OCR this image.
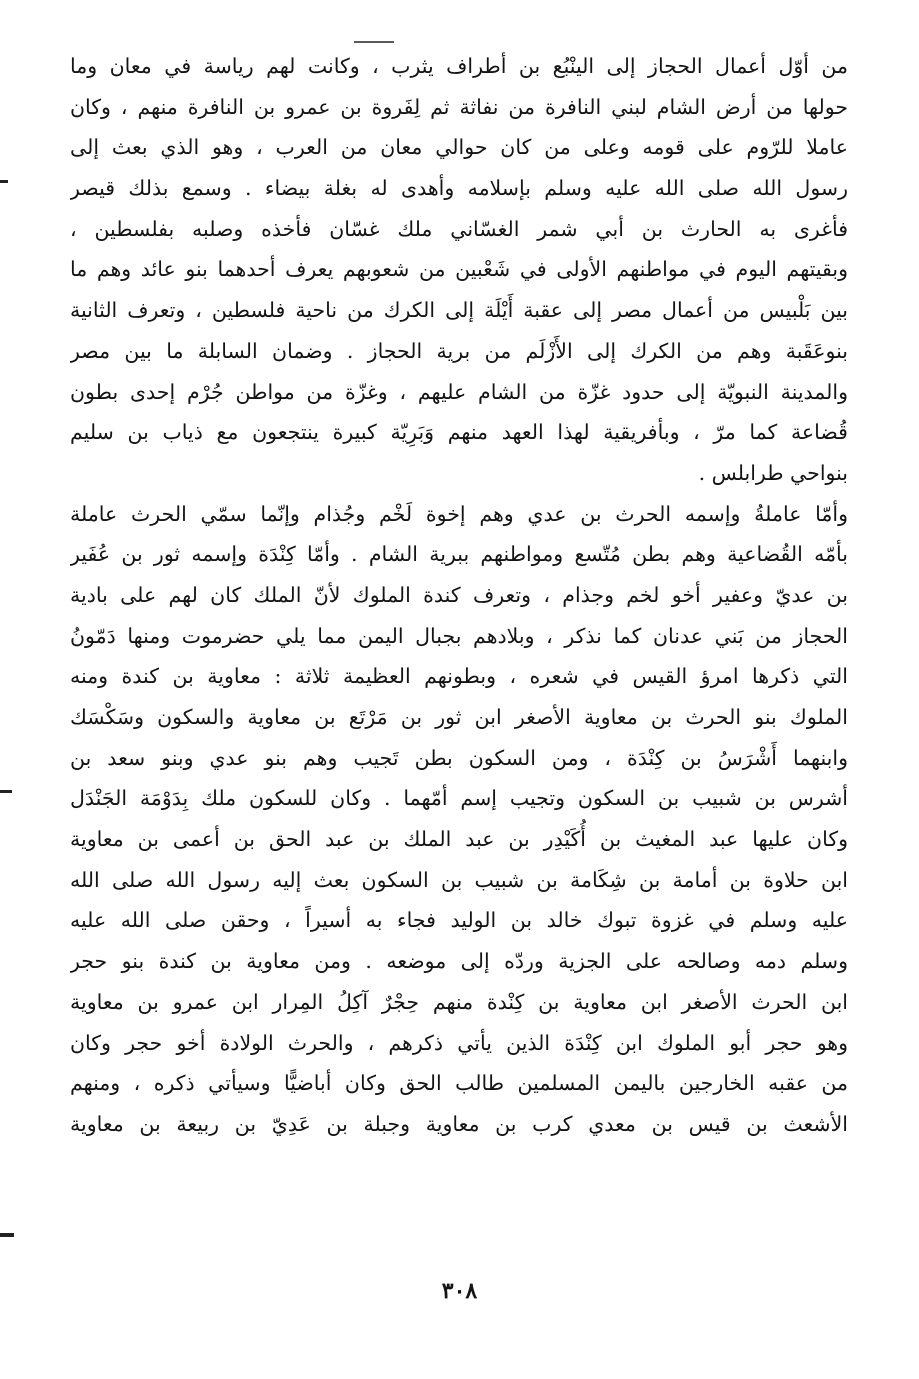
من أوّل أعمال الحجاز إلى الينْبُع بن أطراف يثرب ، وكانت لهم رياسة في معان وما
حولها من أرض الشام لبني النافرة من نفاثة ثم لِفَروة بن عمرو بن النافرة منهم ، وكان
عاملا للرّوم على قومه وعلى من كان حوالي معان من العرب ، وهو الذي بعث إلى
رسول الله صلى الله عليه وسلم بإسلامه وأهدى له بغلة بيضاء . وسمع بذلك قيصر
فأغرى به الحارث بن أبي شمر الغسّاني ملك غسّان فأخذه وصلبه بفلسطين ،
وبقيتهم اليوم في مواطنهم الأولى في شَعْبين من شعوبهم يعرف أحدهما بنو عائد وهم ما
بين بَلْبيس من أعمال مصر إلى عقبة أَيْلَة إلى الكرك من ناحية فلسطين ، وتعرف الثانية
بنوعَقَبة وهم من الكرك إلى الأَزْلَم من برية الحجاز . وضمان السابلة ما بين مصر
والمدينة النبويّة إلى حدود غزّة من الشام عليهم ، وغزّة من مواطن جُرْم إحدى بطون
قُضاعة كما مرّ ، وبأفريقية لهذا العهد منهم وَبَرِيّة كبيرة ينتجعون مع ذياب بن سليم
بنواحي طرابلس .
وأمّا عاملةُ وإسمه الحرث بن عدي وهم إخوة لَخْم وجُذام وإنّما سمّي الحرث عاملة
بأمّه القُضاعية وهم بطن مُتّسع ومواطنهم ببرية الشام . وأمّا كِنْدَة وإسمه ثور بن عُفَير
بن عديّ وعفير أخو لخم وجذام ، وتعرف كندة الملوك لأنّ الملك كان لهم على بادية
الحجاز من بَني عدنان كما نذكر ، وبلادهم بجبال اليمن مما يلي حضرموت ومنها دَمّونُ
التي ذكرها امرؤ القيس في شعره ، وبطونهم العظيمة ثلاثة : معاوية بن كندة ومنه
الملوك بنو الحرث بن معاوية الأصغر ابن ثور بن مَرْتَع بن معاوية والسكون وسَكْسَك
وابنهما أَشْرَسُ بن كِنْدَة ، ومن السكون بطن تَجيب وهم بنو عدي وبنو سعد بن
أشرس بن شبيب بن السكون وتجيب إسم أمّهما . وكان للسكون ملك بِدَوْمَة الجَنْدَل
وكان عليها عبد المغيث بن أُكَيْدِر بن عبد الملك بن عبد الحق بن أعمى بن معاوية
ابن حلاوة بن أمامة بن شِكَامة بن شبيب بن السكون بعث إليه رسول الله صلى الله
عليه وسلم في غزوة تبوك خالد بن الوليد فجاء به أسيراً ، وحقن صلى الله عليه
وسلم دمه وصالحه على الجزية وردّه إلى موضعه . ومن معاوية بن كندة بنو حجر
ابن الحرث الأصغر ابن معاوية بن كِنْدة منهم حِجْرٌ آكِلُ المِرار ابن عمرو بن معاوية
وهو حجر أبو الملوك ابن كِنْدَة الذين يأتي ذكرهم ، والحرث الولادة أخو حجر وكان
من عقبه الخارجين باليمن المسلمين طالب الحق وكان أباضيًّا وسيأتي ذكره ، ومنهم
الأشعث بن قيس بن معدي كرب بن معاوية وجبلة بن عَدِيّ بن ربيعة بن معاوية
٣٠٨
